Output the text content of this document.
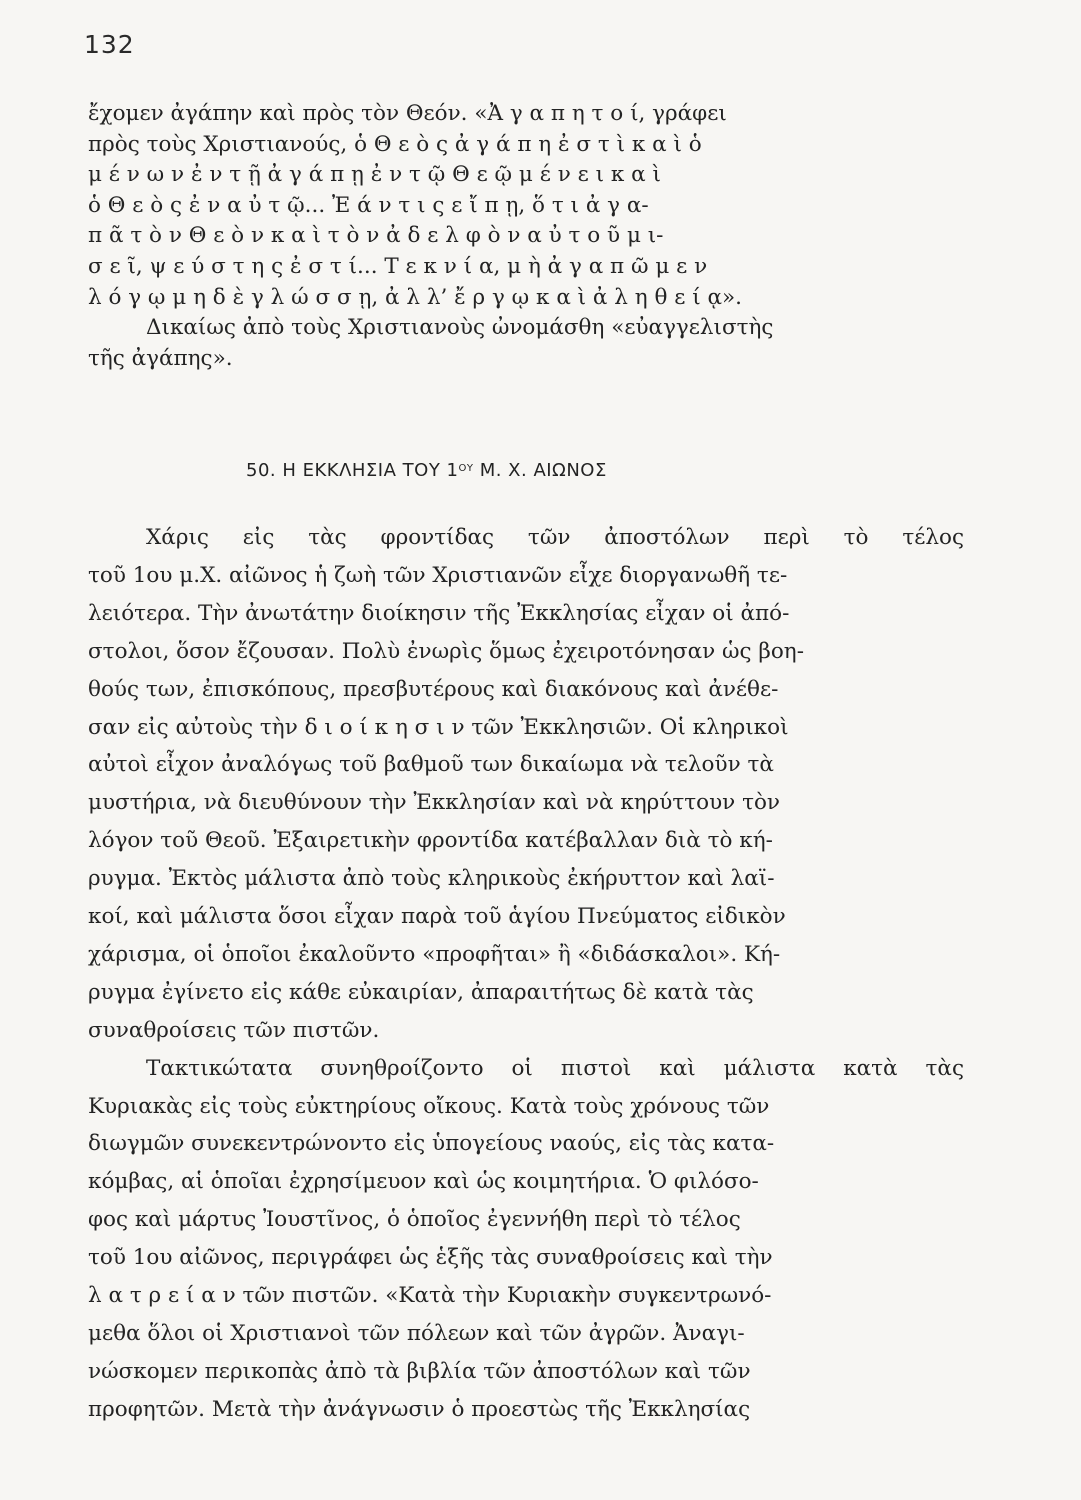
132
ἔχομεν ἀγάπην καὶ πρὸς τὸν Θεόν. «Ἀ γ α π η τ ο ί, γράφει
πρὸς τοὺς Χριστιανούς, ὁ Θ ε ὸ ς ἀ γ ά π η ἐ σ τ ὶ κ α ὶ ὁ
μ έ ν ω ν ἐ ν τ ῇ ἀ γ ά π ῃ ἐ ν τ ῷ Θ ε ῷ μ έ ν ε ι κ α ὶ
ὁ Θ ε ὸ ς ἐ ν α ὐ τ ῷ... Ἐ ά ν τ ι ς ε ἴ π ῃ, ὅ τ ι ἀ γ α-
π ᾶ τ ὸ ν Θ ε ὸ ν κ α ὶ τ ὸ ν ἀ δ ε λ φ ὸ ν α ὐ τ ο ῦ μ ι-
σ ε ῖ, ψ ε ύ σ τ η ς ἐ σ τ ί... Τ ε κ ν ί α, μ ὴ ἀ γ α π ῶ μ ε ν
λ ό γ ῳ μ η δ ὲ γ λ ώ σ σ ῃ, ἀ λ λ’ ἔ ρ γ ῳ κ α ὶ ἀ λ η θ ε ί ᾳ».
Δικαίως ἀπὸ τοὺς Χριστιανοὺς ὠνομάσθη «εὐαγγελιστὴς
τῆς ἀγάπης».
50. Η ΕΚΚΛΗΣΙΑ ΤΟΥ $1^{O\Upsilon}$ Μ. Χ. ΑΙΩΝΟΣ
Χάρις εἰς τὰς φροντίδας τῶν ἀποστόλων περὶ τὸ τέλος
τοῦ 1ου μ.Χ. αἰῶνος ἡ ζωὴ τῶν Χριστιανῶν εἶχε διοργανωθῆ τε-
λειότερα. Τὴν ἀνωτάτην διοίκησιν τῆς Ἐκκλησίας εἶχαν οἱ ἀπό-
στολοι, ὅσον ἔζουσαν. Πολὺ ἐνωρὶς ὅμως ἐχειροτόνησαν ὡς βοη-
θούς των, ἐπισκόπους, πρεσβυτέρους καὶ διακόνους καὶ ἀνέθε-
σαν εἰς αὐτοὺς τὴν δ ι ο ί κ η σ ι ν τῶν Ἐκκλησιῶν. Οἱ κληρικοὶ
αὐτοὶ εἶχον ἀναλόγως τοῦ βαθμοῦ των δικαίωμα νὰ τελοῦν τὰ
μυστήρια, νὰ διευθύνουν τὴν Ἐκκλησίαν καὶ νὰ κηρύττουν τὸν
λόγον τοῦ Θεοῦ. Ἐξαιρετικὴν φροντίδα κατέβαλλαν διὰ τὸ κή-
ρυγμα. Ἐκτὸς μάλιστα ἀπὸ τοὺς κληρικοὺς ἐκήρυττον καὶ λαϊ-
κοί, καὶ μάλιστα ὅσοι εἶχαν παρὰ τοῦ ἁγίου Πνεύματος εἰδικὸν
χάρισμα, οἱ ὁποῖοι ἐκαλοῦντο «προφῆται» ἢ «διδάσκαλοι». Κή-
ρυγμα ἐγίνετο εἰς κάθε εὐκαιρίαν, ἀπαραιτήτως δὲ κατὰ τὰς
συναθροίσεις τῶν πιστῶν.
Τακτικώτατα συνηθροίζοντο οἱ πιστοὶ καὶ μάλιστα κατὰ τὰς
Κυριακὰς εἰς τοὺς εὐκτηρίους οἴκους. Κατὰ τοὺς χρόνους τῶν
διωγμῶν συνεκεντρώνοντο εἰς ὑπογείους ναούς, εἰς τὰς κατα-
κόμβας, αἱ ὁποῖαι ἐχρησίμευον καὶ ὡς κοιμητήρια. Ὁ φιλόσο-
φος καὶ μάρτυς Ἰουστῖνος, ὁ ὁποῖος ἐγεννήθη περὶ τὸ τέλος
τοῦ 1ου αἰῶνος, περιγράφει ὡς ἑξῆς τὰς συναθροίσεις καὶ τὴν
λ α τ ρ ε ί α ν τῶν πιστῶν. «Κατὰ τὴν Κυριακὴν συγκεντρωνό-
μεθα ὅλοι οἱ Χριστιανοὶ τῶν πόλεων καὶ τῶν ἀγρῶν. Ἀναγι-
νώσκομεν περικοπὰς ἀπὸ τὰ βιβλία τῶν ἀποστόλων καὶ τῶν
προφητῶν. Μετὰ τὴν ἀνάγνωσιν ὁ προεστὼς τῆς Ἐκκλησίας
